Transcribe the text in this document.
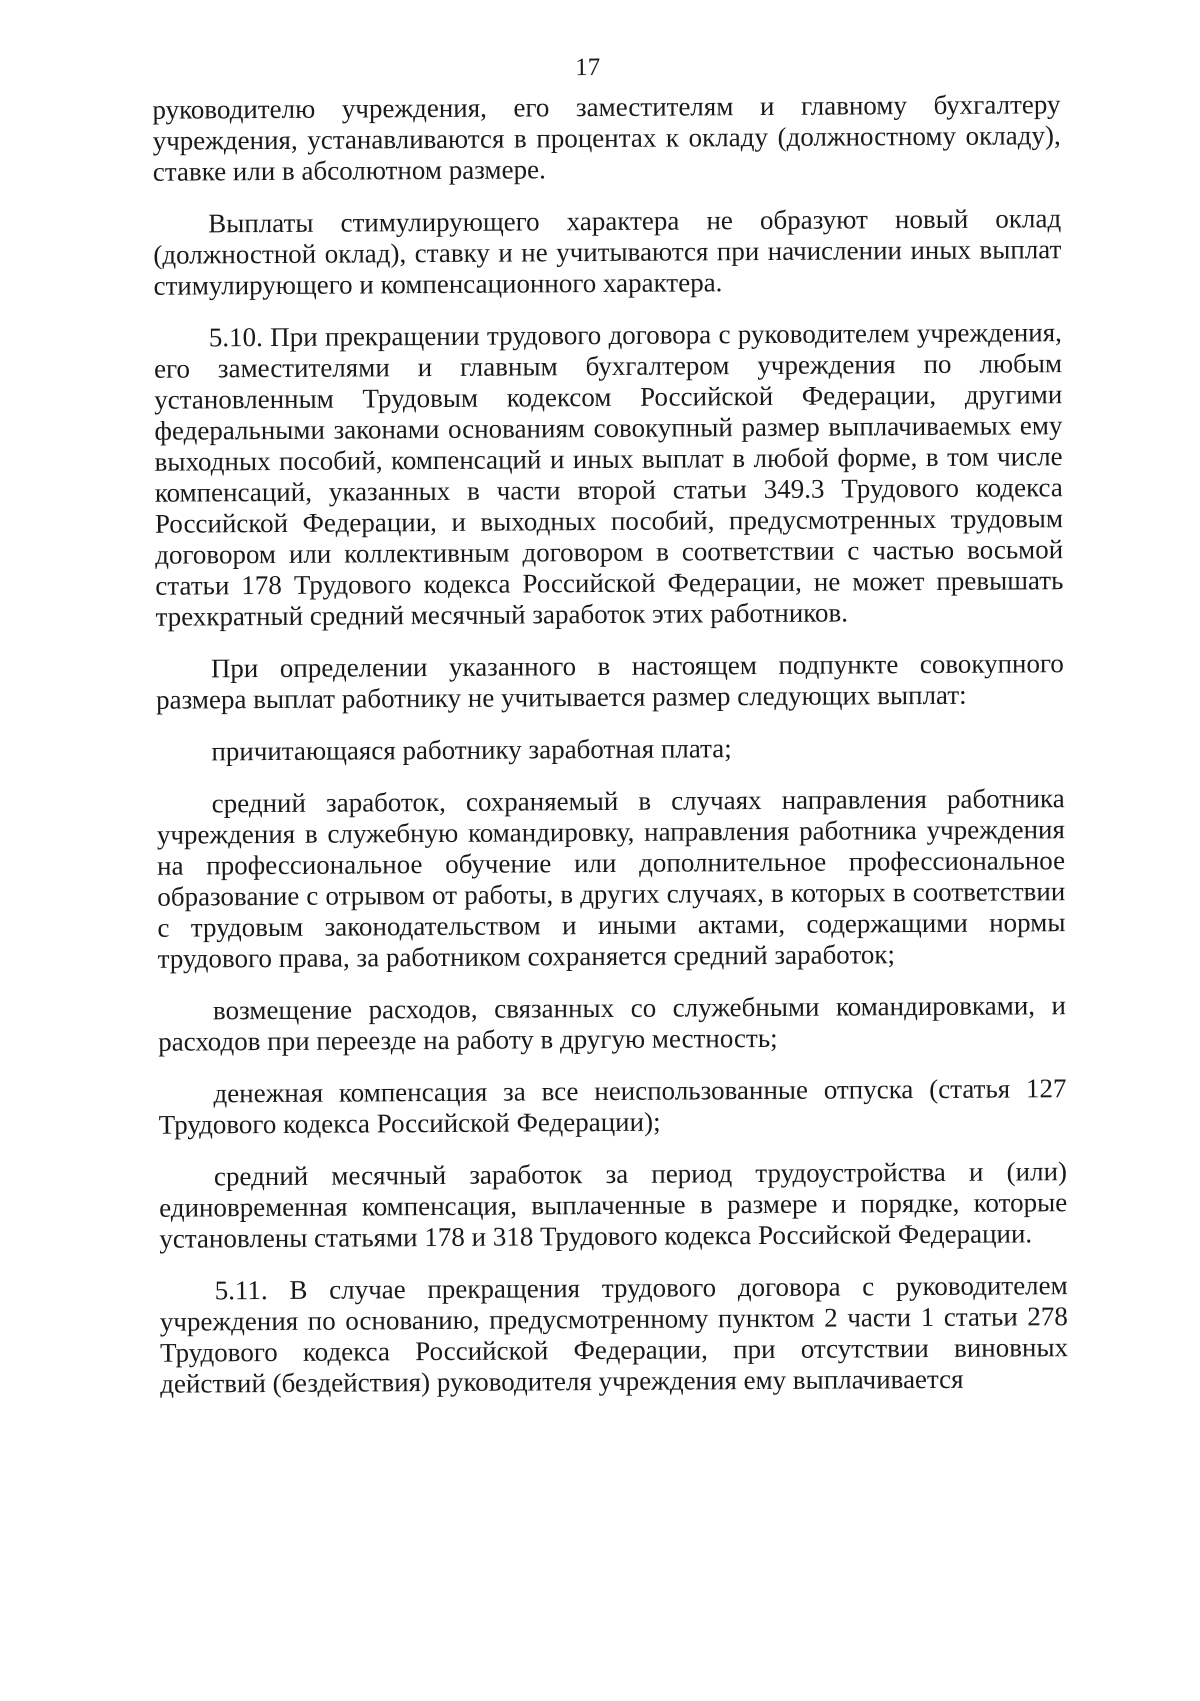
17

руководителю учреждения, его заместителям и главному бухгалтеру учреждения, устанавливаются в процентах к окладу (должностному окладу), ставке или в абсолютном размере.

Выплаты стимулирующего характера не образуют новый оклад (должностной оклад), ставку и не учитываются при начислении иных выплат стимулирующего и компенсационного характера.

5.10. При прекращении трудового договора с руководителем учреждения, его заместителями и главным бухгалтером учреждения по любым установленным Трудовым кодексом Российской Федерации, другими федеральными законами основаниям совокупный размер выплачиваемых ему выходных пособий, компенсаций и иных выплат в любой форме, в том числе компенсаций, указанных в части второй статьи 349.3 Трудового кодекса Российской Федерации, и выходных пособий, предусмотренных трудовым договором или коллективным договором в соответствии с частью восьмой статьи 178 Трудового кодекса Российской Федерации, не может превышать трехкратный средний месячный заработок этих работников.

При определении указанного в настоящем подпункте совокупного размера выплат работнику не учитывается размер следующих выплат:

причитающаяся работнику заработная плата;

средний заработок, сохраняемый в случаях направления работника учреждения в служебную командировку, направления работника учреждения на профессиональное обучение или дополнительное профессиональное образование с отрывом от работы, в других случаях, в которых в соответствии с трудовым законодательством и иными актами, содержащими нормы трудового права, за работником сохраняется средний заработок;

возмещение расходов, связанных со служебными командировками, и расходов при переезде на работу в другую местность;

денежная компенсация за все неиспользованные отпуска (статья 127 Трудового кодекса Российской Федерации);

средний месячный заработок за период трудоустройства и (или) единовременная компенсация, выплаченные в размере и порядке, которые установлены статьями 178 и 318 Трудового кодекса Российской Федерации.

5.11. В случае прекращения трудового договора с руководителем учреждения по основанию, предусмотренному пунктом 2 части 1 статьи 278 Трудового кодекса Российской Федерации, при отсутствии виновных действий (бездействия) руководителя учреждения ему выплачивается
